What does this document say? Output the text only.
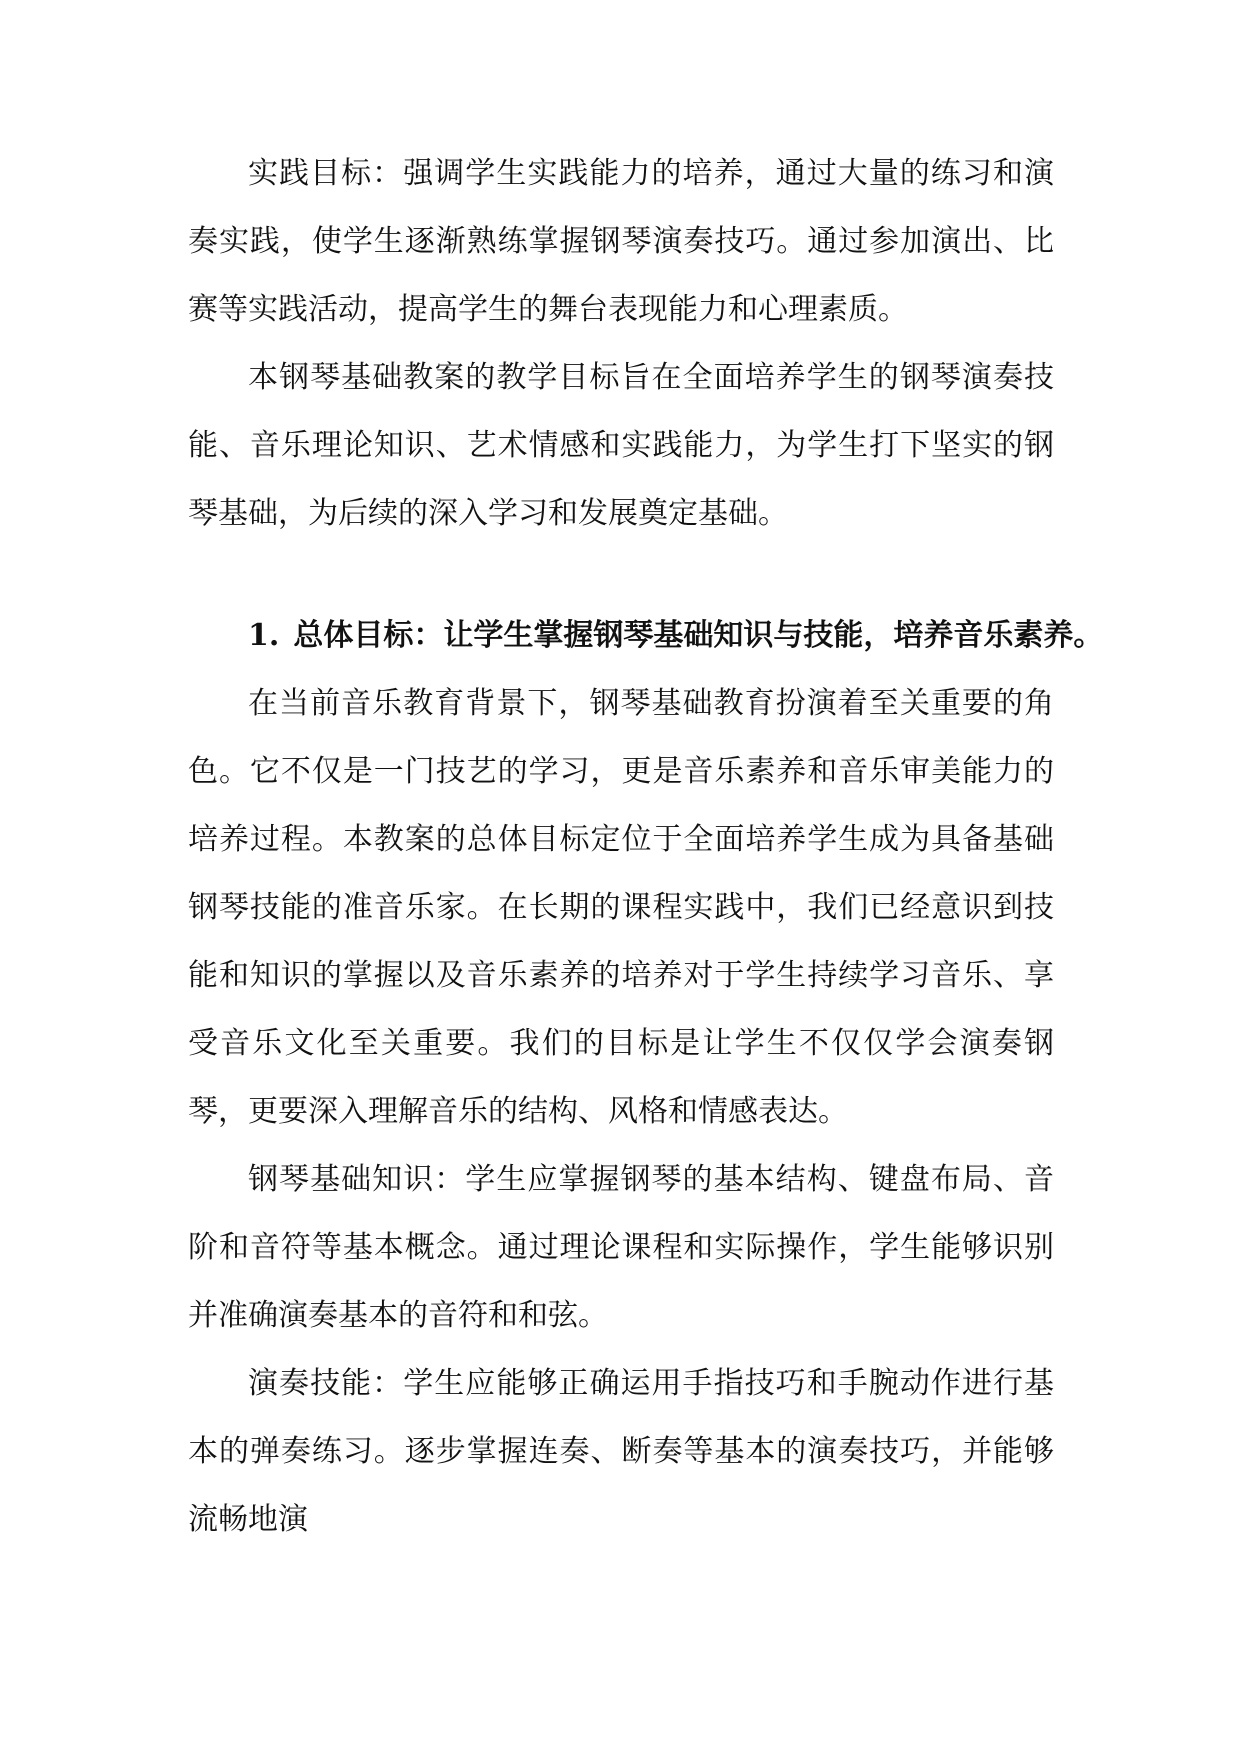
实践目标：强调学生实践能力的培养，通过大量的练习和演奏实践，使学生逐渐熟练掌握钢琴演奏技巧。通过参加演出、比赛等实践活动，提高学生的舞台表现能力和心理素质。

本钢琴基础教案的教学目标旨在全面培养学生的钢琴演奏技能、音乐理论知识、艺术情感和实践能力，为学生打下坚实的钢琴基础，为后续的深入学习和发展奠定基础。

1. 总体目标：让学生掌握钢琴基础知识与技能，培养音乐素养。

在当前音乐教育背景下，钢琴基础教育扮演着至关重要的角色。它不仅是一门技艺的学习，更是音乐素养和音乐审美能力的培养过程。本教案的总体目标定位于全面培养学生成为具备基础钢琴技能的准音乐家。在长期的课程实践中，我们已经意识到技能和知识的掌握以及音乐素养的培养对于学生持续学习音乐、享受音乐文化至关重要。我们的目标是让学生不仅仅学会演奏钢琴，更要深入理解音乐的结构、风格和情感表达。

钢琴基础知识：学生应掌握钢琴的基本结构、键盘布局、音阶和音符等基本概念。通过理论课程和实际操作，学生能够识别并准确演奏基本的音符和和弦。

演奏技能：学生应能够正确运用手指技巧和手腕动作进行基本的弹奏练习。逐步掌握连奏、断奏等基本的演奏技巧，并能够流畅地演
